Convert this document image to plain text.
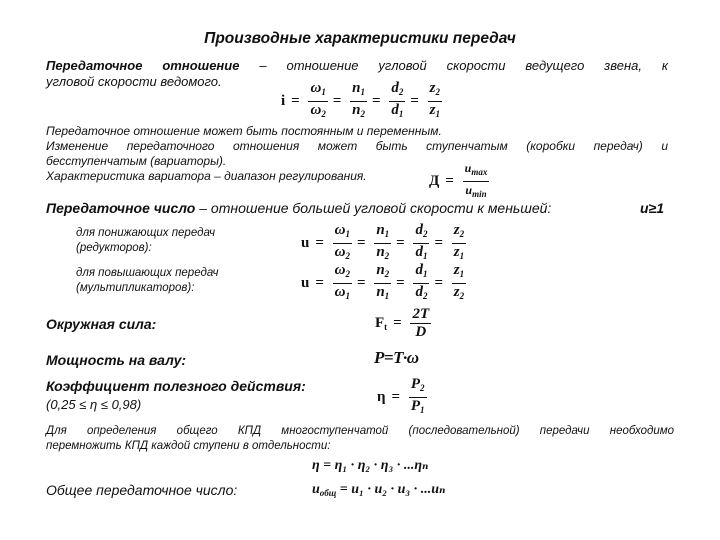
Производные характеристики передач
Передаточное отношение – отношение угловой скорости ведущего звена, к
угловой скорости ведомого.
$i = \frac{\omega_1}{\omega_2} = \frac{n_1}{n_2} = \frac{d_2}{d_1} = \frac{z_2}{z_1}$
Передаточное отношение может быть постоянным и переменным.
Изменение передаточного отношения может быть ступенчатым (коробки передач) и
бесступенчатым (вариаторы).
Характеристика вариатора – диапазон регулирования.	$Д = \frac{u_{max}}{u_{min}}$
Передаточное число – отношение большей угловой скорости к меньшей:	u≥1
для понижающих передач
(редукторов):	$u = \frac{\omega_1}{\omega_2} = \frac{n_1}{n_2} = \frac{d_2}{d_1} = \frac{z_2}{z_1}$
для повышающих передач
(мультипликаторов):	$u = \frac{\omega_2}{\omega_1} = \frac{n_2}{n_1} = \frac{d_1}{d_2} = \frac{z_1}{z_2}$
Окружная сила:	$F_t = \frac{2T}{D}$
Мощность на валу:	P=T·ω
Коэффициент полезного действия:
(0,25 ≤ η ≤ 0,98)	$\eta = \frac{P_2}{P_1}$
Для определения общего КПД многоступенчатой (последовательной) передачи необходимо
перемножить КПД каждой ступени в отдельности:
η = η₁ · η₂ · η₃ · ...ηₙ
Общее передаточное число:	$u_{общ} = u_1 \cdot u_2 \cdot u_3 \cdot ...u_n$
